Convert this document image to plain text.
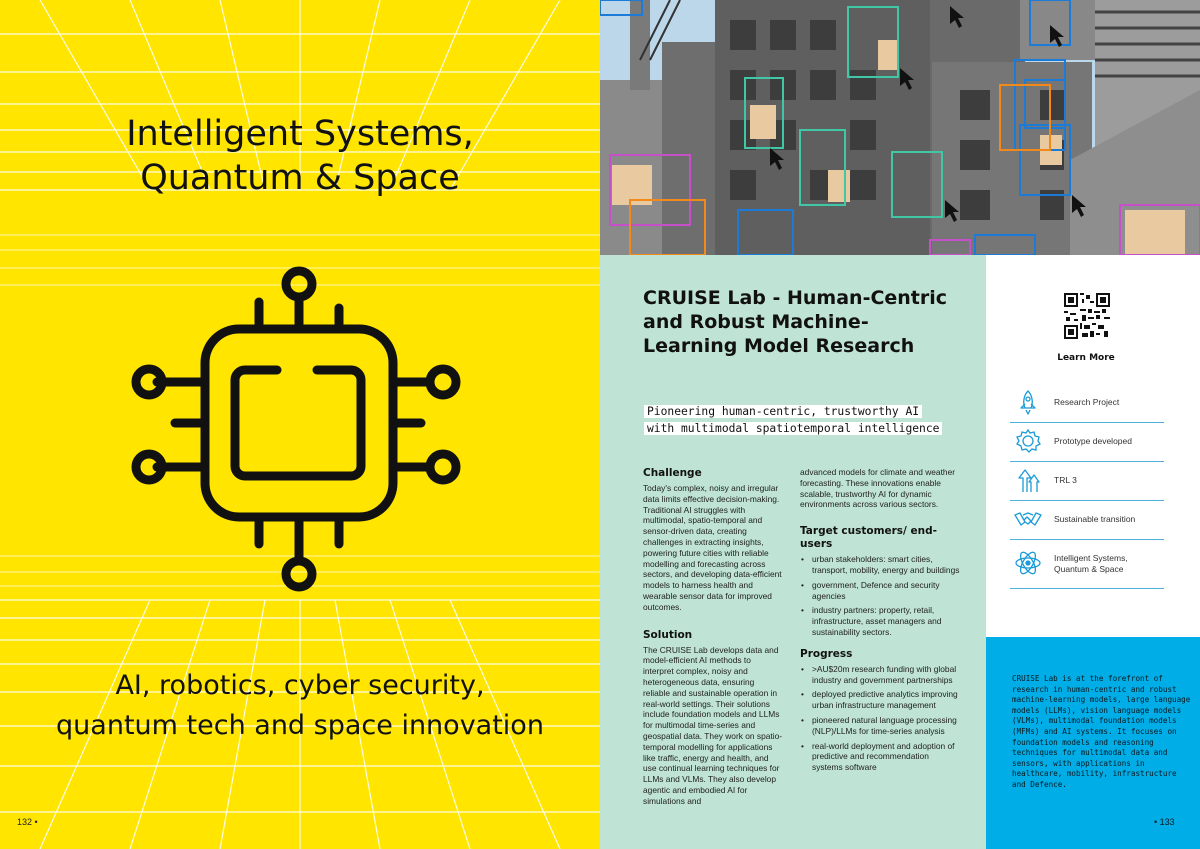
Intelligent Systems,
Quantum & Space
AI, robotics, cyber security,
quantum tech and space innovation
132 •
CRUISE Lab - Human-Centric and Robust Machine-Learning Model Research
Pioneering human-centric, trustworthy AI with multimodal spatiotemporal intelligence
Challenge

Today's complex, noisy and irregular data limits effective decision-making. Traditional AI struggles with multimodal, spatio-temporal and sensor-driven data, creating challenges in extracting insights, powering future cities with reliable modelling and forecasting across sectors, and developing data-efficient models to harness health and wearable sensor data for improved outcomes.

Solution

The CRUISE Lab develops data and model-efficient AI methods to interpret complex, noisy and heterogeneous data, ensuring reliable and sustainable operation in real-world settings. Their solutions include foundation models and LLMs for multimodal time-series and geospatial data. They work on spatio-temporal modelling for applications like traffic, energy and health, and use continual learning techniques for LLMs and VLMs. They also develop agentic and embodied AI for simulations and

advanced models for climate and weather forecasting. These innovations enable scalable, trustworthy AI for dynamic environments across various sectors.

Target customers/ end-users
• urban stakeholders: smart cities, transport, mobility, energy and buildings
• government, Defence and security agencies
• industry partners: property, retail, infrastructure, asset managers and sustainability sectors.
Progress
• >AU$20m research funding with global industry and government partnerships
• deployed predictive analytics improving urban infrastructure management
• pioneered natural language processing (NLP)/LLMs for time-series analysis
• real-world deployment and adoption of predictive and recommendation systems software
Learn More
Research Project
Prototype developed
TRL 3
Sustainable transition
Intelligent Systems, Quantum & Space

CRUISE Lab is at the forefront of research in human-centric and robust machine-learning models, large language models (LLMs), vision language models (VLMs), multimodal foundation models (MFMs) and AI systems. It focuses on foundation models and reasoning techniques for multimodal data and sensors, with applications in healthcare, mobility, infrastructure and Defence.

• 133
